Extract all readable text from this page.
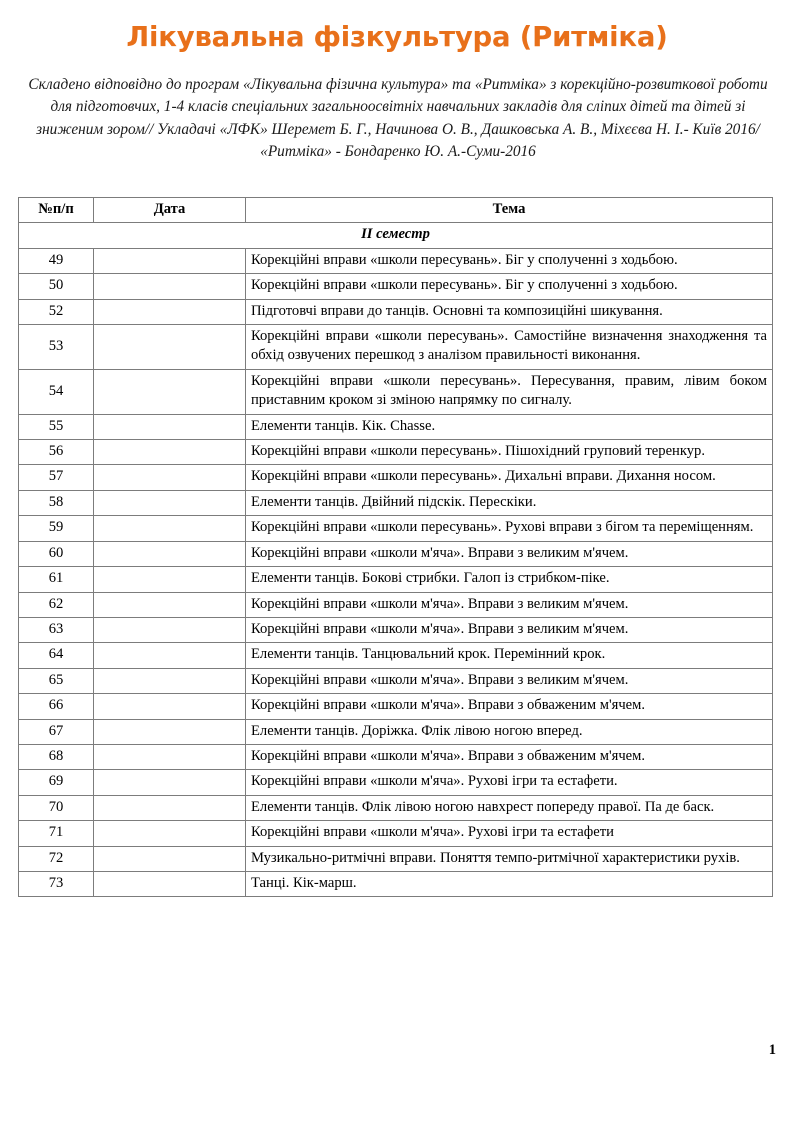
Лікувальна фізкультура (Ритміка)
Складено відповідно до програм «Лікувальна фізична культура» та «Ритміка» з корекційно-розвиткової роботи для підготовчих, 1-4 класів спеціальних загальноосвітніх навчальних закладів для сліпих дітей та дітей зі зниженим зором// Укладачі «ЛФК» Шеремет Б. Г., Начинова О. В., Дашковська А. В., Міхєєва Н. І.- Київ 2016/ «Ритміка» - Бондаренко Ю. А.-Суми-2016
№п/п	Дата	Тема
ІІ семестр		
49		Корекційні вправи «школи пересувань». Біг у сполученні з ходьбою.
50		Корекційні вправи «школи пересувань». Біг у сполученні з ходьбою.
52		Підготовчі вправи до танців. Основні та композиційні шикування.
53		Корекційні вправи «школи пересувань». Самостійне визначення знаходження та обхід озвучених перешкод з аналізом правильності виконання.
54		Корекційні вправи «школи пересувань». Пересування, правим, лівим боком приставним кроком зі зміною напрямку по сигналу.
55		Елементи танців. Кік. Chasse.
56		Корекційні вправи «школи пересувань». Пішохідний груповий теренкур.
57		Корекційні вправи «школи пересувань». Дихальні вправи. Дихання носом.
58		Елементи танців. Двійний підскік. Перескіки.
59		Корекційні вправи «школи пересувань». Рухові вправи з бігом та переміщенням.
60		Корекційні вправи «школи м'яча». Вправи з великим м'ячем.
61		Елементи танців. Бокові стрибки. Галоп із стрибком-піке.
62		Корекційні вправи «школи м'яча». Вправи з великим м'ячем.
63		Корекційні вправи «школи м'яча». Вправи з великим м'ячем.
64		Елементи танців. Танцювальний крок. Перемінний крок.
65		Корекційні вправи «школи м'яча». Вправи з великим м'ячем.
66		Корекційні вправи «школи м'яча». Вправи з обваженим м'ячем.
67		Елементи танців. Доріжка. Флік лівою ногою вперед.
68		Корекційні вправи «школи м'яча». Вправи з обваженим м'ячем.
69		Корекційні вправи «школи м'яча». Рухові ігри та естафети.
70		Елементи танців. Флік лівою ногою навхрест попереду правої. Па де баск.
71		Корекційні вправи «школи м'яча». Рухові ігри та естафети
72		Музикально-ритмічні вправи. Поняття темпо-ритмічної характеристики рухів.
73		Танці. Кік-марш.
1
